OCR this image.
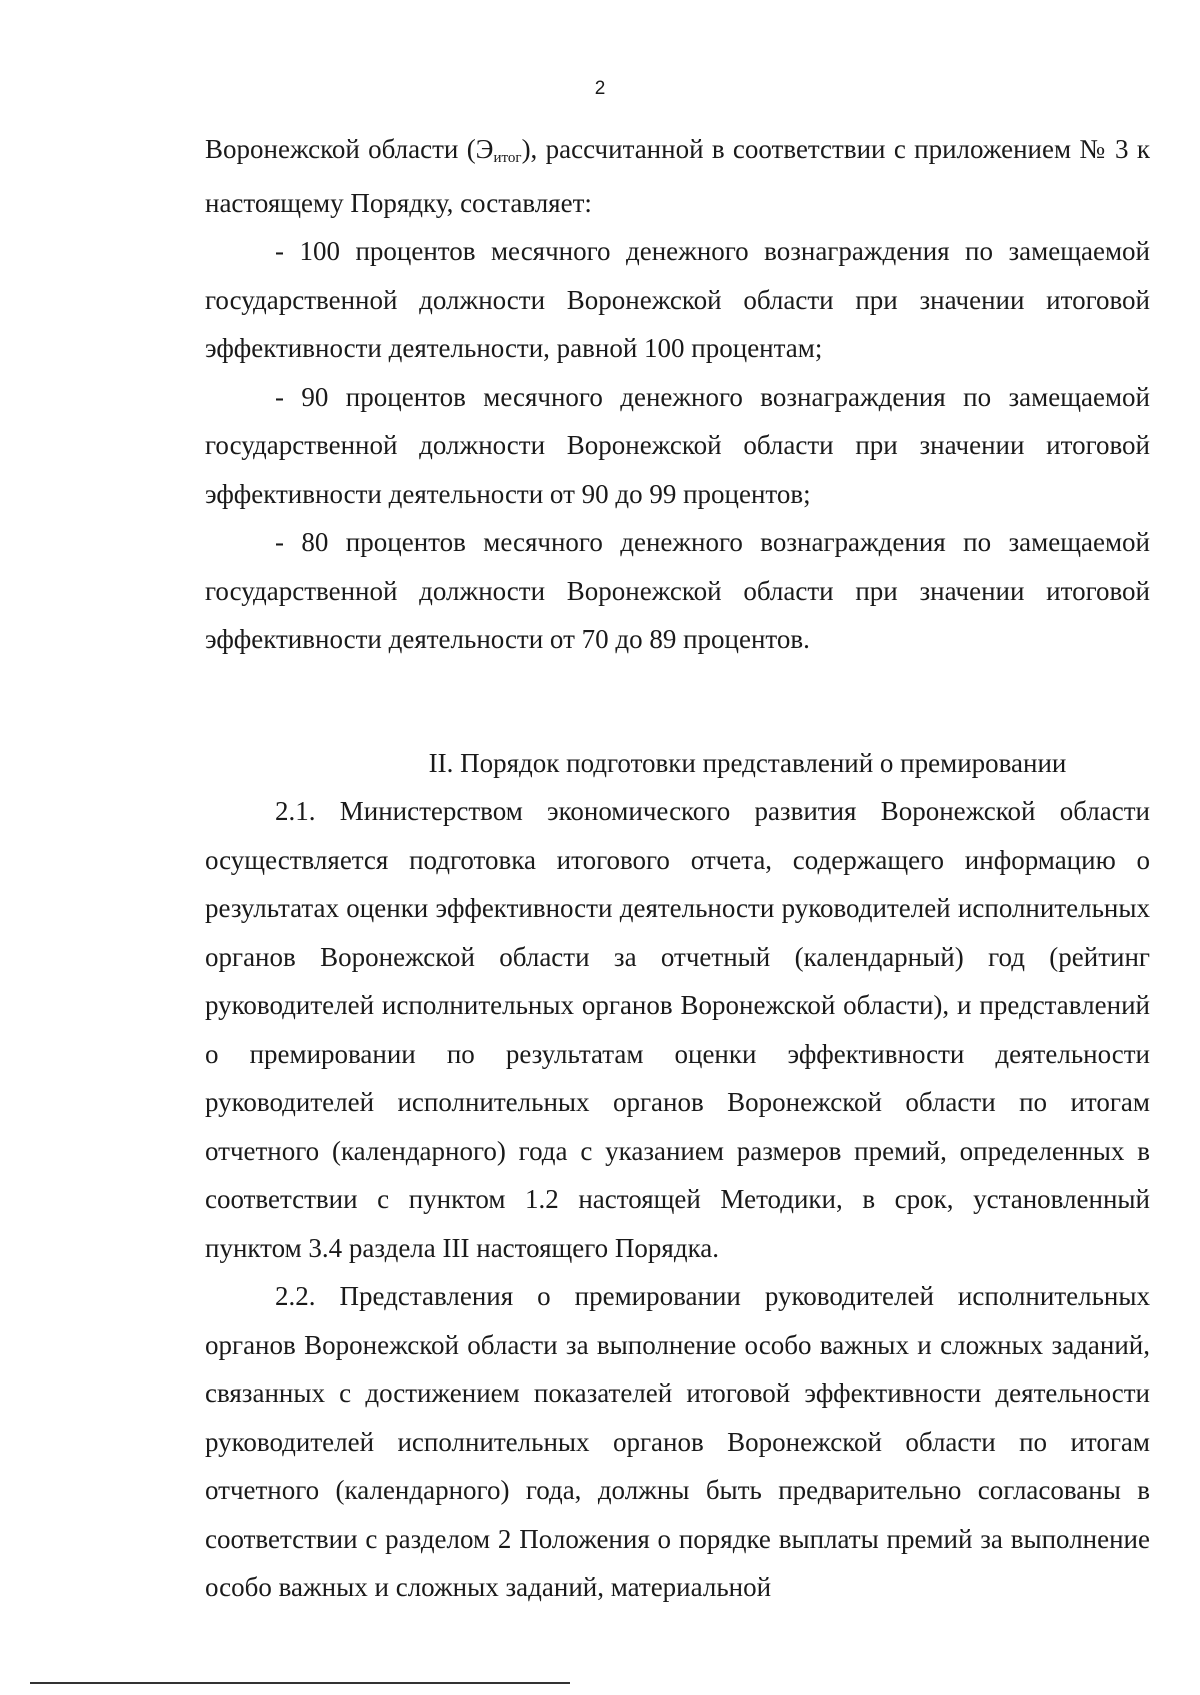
2

Воронежской области (Эитог), рассчитанной в соответствии с приложением № 3 к настоящему Порядку, составляет:

- 100 процентов месячного денежного вознаграждения по замещаемой государственной должности Воронежской области при значении итоговой эффективности деятельности, равной 100 процентам;

- 90 процентов месячного денежного вознаграждения по замещаемой государственной должности Воронежской области при значении итоговой эффективности деятельности от 90 до 99 процентов;

- 80 процентов месячного денежного вознаграждения по замещаемой государственной должности Воронежской области при значении итоговой эффективности деятельности от 70 до 89 процентов.

II. Порядок подготовки представлений о премировании

2.1. Министерством экономического развития Воронежской области осуществляется подготовка итогового отчета, содержащего информацию о результатах оценки эффективности деятельности руководителей исполнительных органов Воронежской области за отчетный (календарный) год (рейтинг руководителей исполнительных органов Воронежской области), и представлений о премировании по результатам оценки эффективности деятельности руководителей исполнительных органов Воронежской области по итогам отчетного (календарного) года с указанием размеров премий, определенных в соответствии с пунктом 1.2 настоящей Методики, в срок, установленный пунктом 3.4 раздела III настоящего Порядка.

2.2. Представления о премировании руководителей исполнительных органов Воронежской области за выполнение особо важных и сложных заданий, связанных с достижением показателей итоговой эффективности деятельности руководителей исполнительных органов Воронежской области по итогам отчетного (календарного) года, должны быть предварительно согласованы в соответствии с разделом 2 Положения о порядке выплаты премий за выполнение особо важных и сложных заданий, материальной
